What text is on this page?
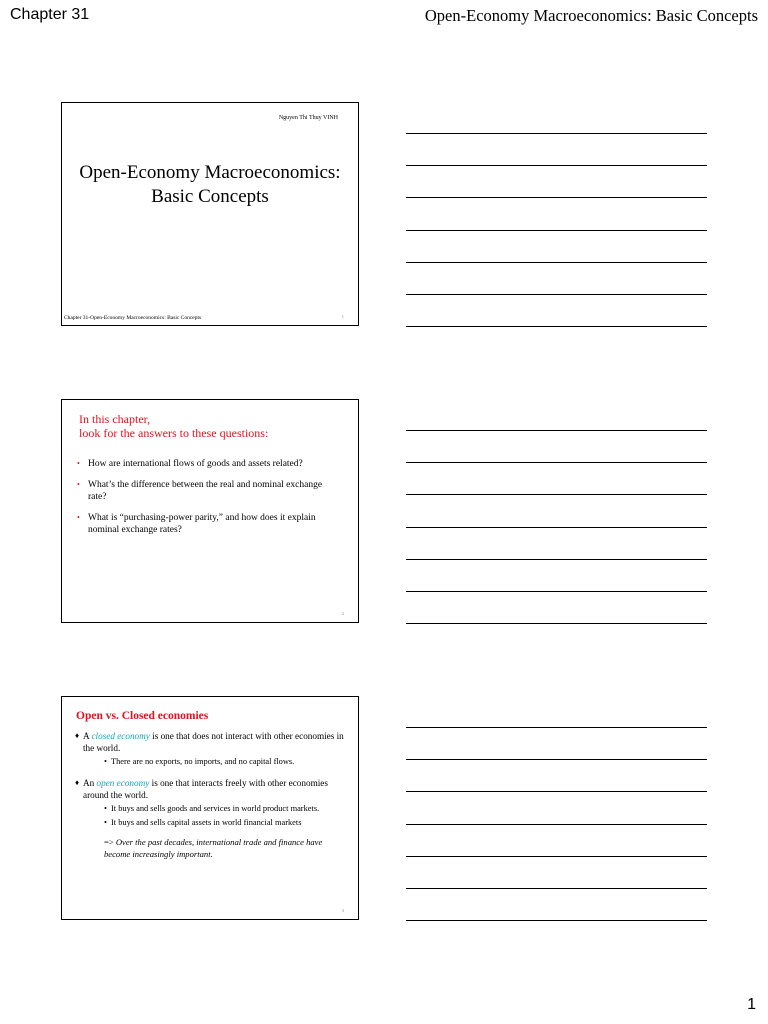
Chapter 31	Open-Economy Macroeconomics: Basic Concepts
Nguyen Thi Thuy VINH
Open-Economy Macroeconomics:
Basic Concepts
Chapter 31-Open-Economy Macroeconomics: Basic Concepts	1
In this chapter,
look for the answers to these questions:
• How are international flows of goods and assets related?
• What’s the difference between the real and nominal exchange rate?
• What is “purchasing-power parity,” and how does it explain nominal exchange rates?
2
Open vs. Closed economies
♦ A closed economy is one that does not interact with other economies in the world.
• There are no exports, no imports, and no capital flows.
♦ An open economy is one that interacts freely with other economies around the world.
• It buys and sells goods and services in world product markets.
• It buys and sells capital assets in world financial markets
=> Over the past decades, international trade and finance have become increasingly important.
3
1
